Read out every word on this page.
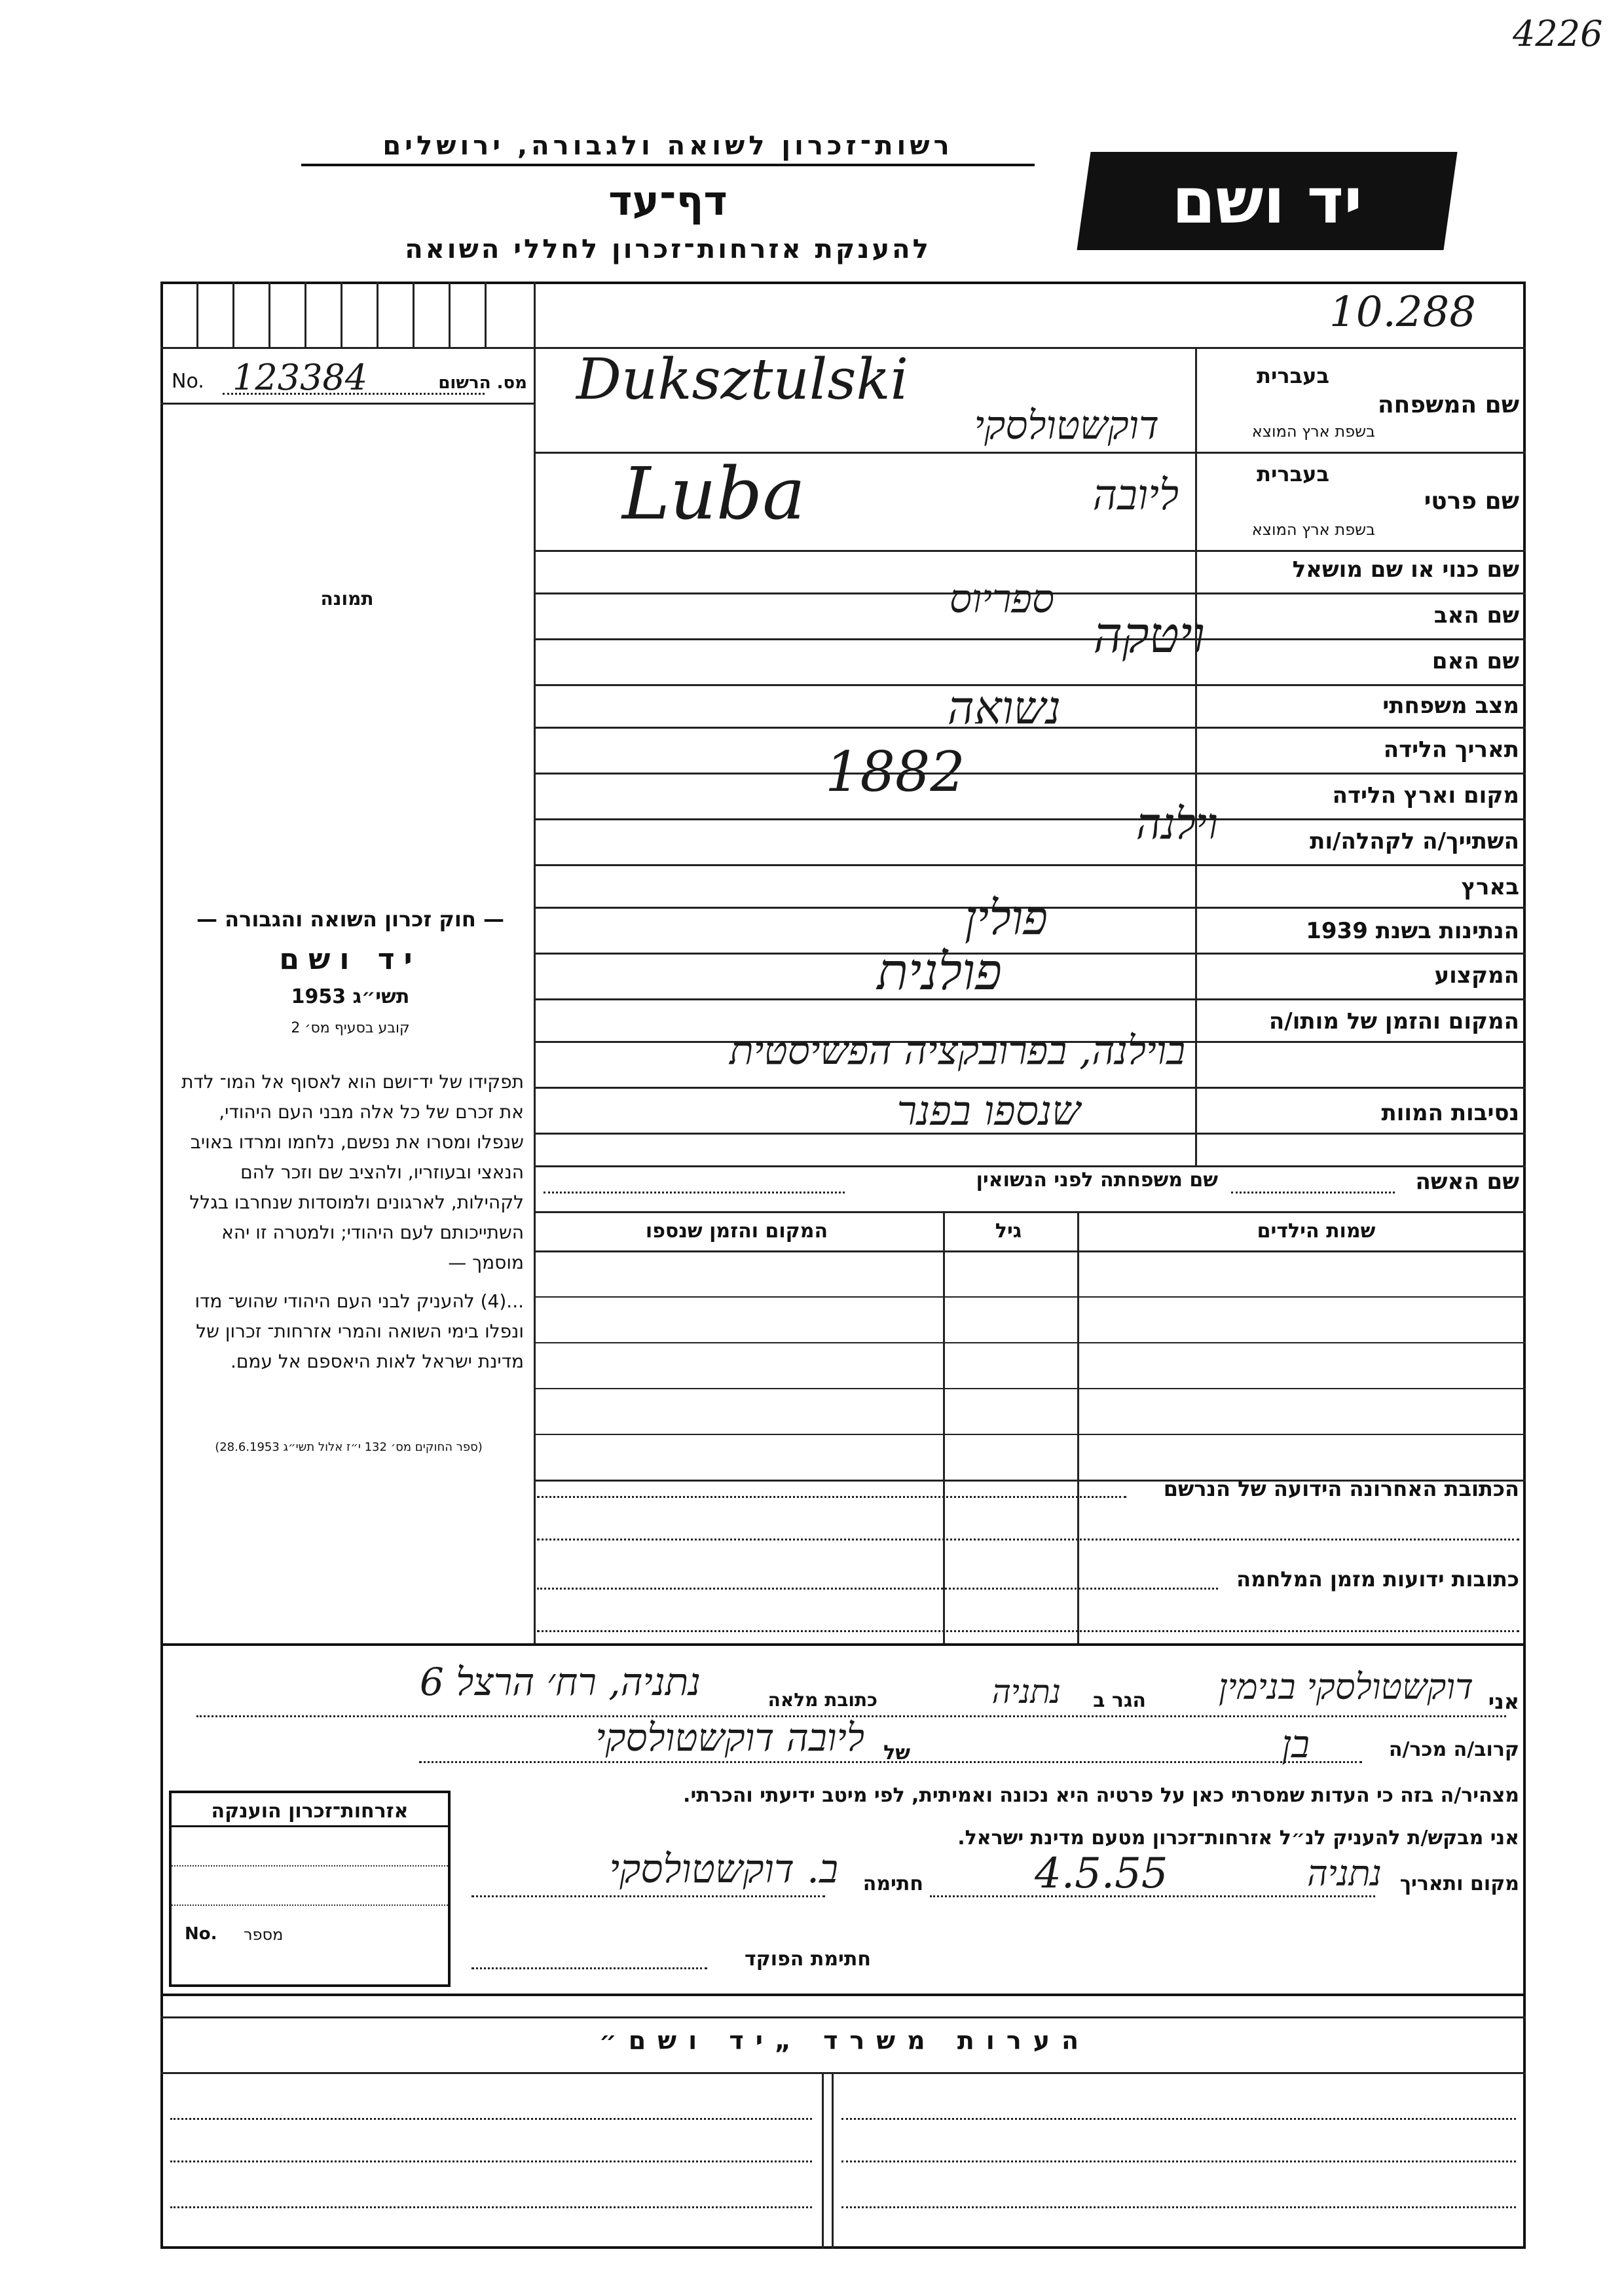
4226
רשות־זכרון לשואה ולגבורה, ירושלים
דף־עד
להענקת אזרחות־זכרון לחללי השואה
יד ושם
10.288
No. 123384	מס. הרשום
תמונה
בעברית
שם המשפחה
בשפת ארץ המוצא
בעברית
שם פרטי
בשפת ארץ המוצא
שם כנוי או שם מושאל
שם האב
שם האם
מצב משפחתי
תאריך הלידה
מקום וארץ הלידה
השתייך/ה לקהלה/ות
בארץ
הנתינות בשנת 1939
המקצוע
המקום והזמן של מותו/ה
נסיבות המוות
Duksztulski
דוקשטולסקי
Luba	ליובה
ספריוס
ויטקה
נשואה
1882
וילנה
פולין
פולנית
בוילנה, בפרובקציה הפשיסטית
שנספו בפנר
שם האשה
שם משפחתה לפני הנשואין
שמות הילדים
גיל
המקום והזמן שנספו
— חוק זכרון השואה והגבורה —
יד ושם
תשי״ג 1953
קובע בסעיף מס׳ 2
תפקידו של יד־ושם הוא לאסוף אל המו־ לדת את זכרם של כל אלה מבני העם היהודי, שנפלו ומסרו את נפשם, נלחמו ומרדו באויב הנאצי ובעוזריו, ולהציב שם וזכר להם לקהילות, לארגונים ולמוסדות שנחרבו בגלל השתייכותם לעם היהודי; ולמטרה זו יהא מוסמך —
...(4) להעניק לבני העם היהודי שהוש־ מדו ונפלו בימי השואה והמרי אזרחות־ זכרון של מדינת ישראל לאות היאספם אל עמם.
(ספר החוקים מס׳ 132 י״ז אלול תשי״ג 28.6.1953)
הכתובת האחרונה הידועה של הנרשם
כתובות ידועות מזמן המלחמה
אני
דוקשטולסקי בנימין
הגר ב
נתניה
כתובת מלאה
נתניה, רח׳ הרצל 6
קרוב/ה מכר/ה
בן
של
ליובה דוקשטולסקי
מצהיר/ה בזה כי העדות שמסרתי כאן על פרטיה היא נכונה ואמיתית, לפי מיטב ידיעתי והכרתי.
אני מבקש/ת להעניק לנ״ל אזרחות־זכרון מטעם מדינת ישראל.
מקום ותאריך
נתניה
4.5.55
חתימה
ב. דוקשטולסקי
חתימת הפוקד
אזרחות־זכרון הוענקה
No. מספר
הערות משרד „יד ושם״
